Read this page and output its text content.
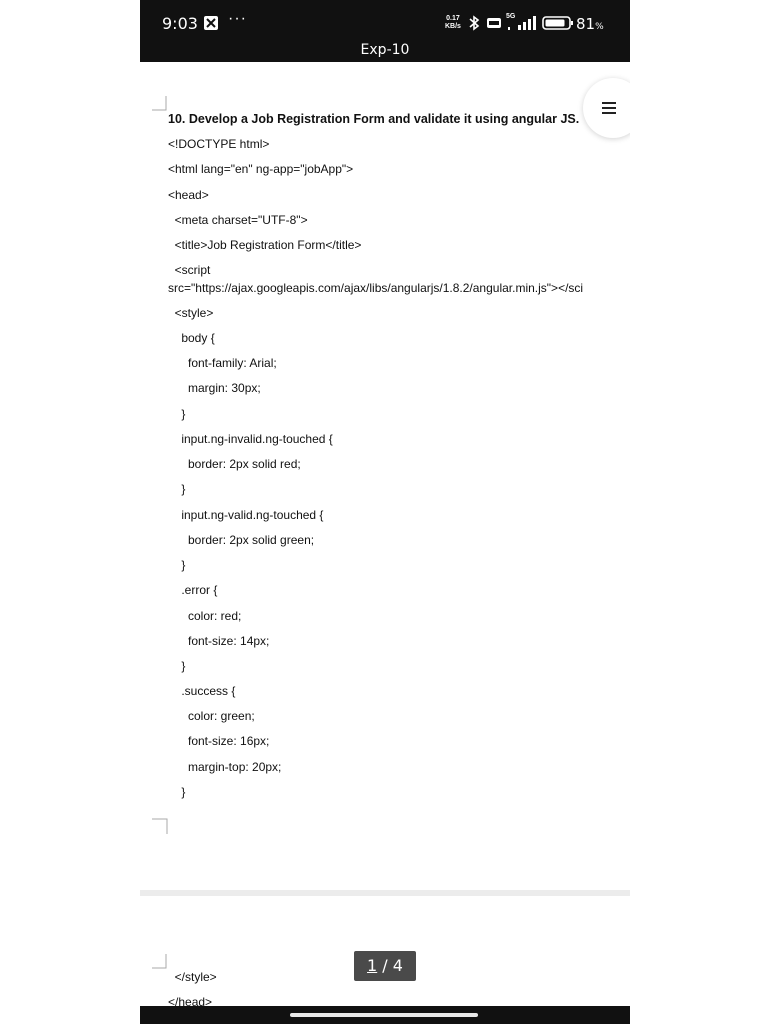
9:03 ···	0.17
KB/s
5G	81%
Exp-10
10. Develop a Job Registration Form and validate it using angular JS.
<!DOCTYPE html>
<html lang="en" ng-app="jobApp">
<head>
<meta charset="UTF-8">
<title>Job Registration Form</title>
<script
src="https://ajax.googleapis.com/ajax/libs/angularjs/1.8.2/angular.min.js"></sci
<style>
body {
font-family: Arial;
margin: 30px;
}
input.ng-invalid.ng-touched {
border: 2px solid red;
}
input.ng-valid.ng-touched {
border: 2px solid green;
}
.error {
color: red;
font-size: 14px;
}
.success {
color: green;
font-size: 16px;
margin-top: 20px;
}
</style>
</head>
1 / 4
